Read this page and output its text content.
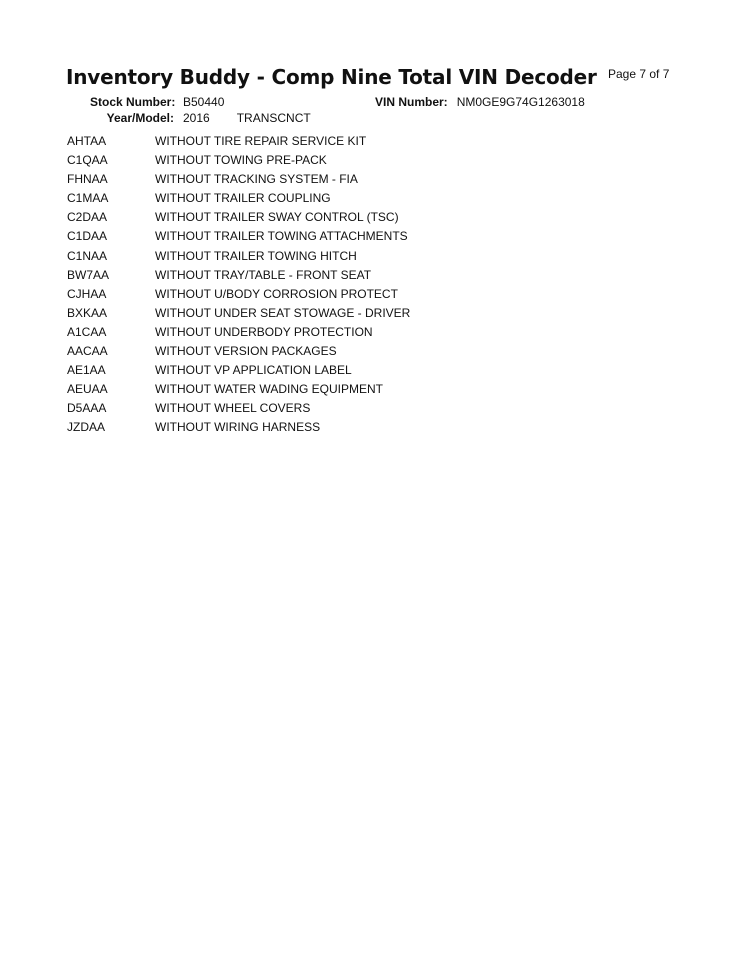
Inventory Buddy - Comp Nine Total VIN Decoder Page 7 of 7
Stock Number: B50440	VIN Number: NM0GE9G74G1263018
Year/Model: 2016 TRANSCNCT
AHTAA	WITHOUT TIRE REPAIR SERVICE KIT
C1QAA	WITHOUT TOWING PRE-PACK
FHNAA	WITHOUT TRACKING SYSTEM - FIA
C1MAA	WITHOUT TRAILER COUPLING
C2DAA	WITHOUT TRAILER SWAY CONTROL (TSC)
C1DAA	WITHOUT TRAILER TOWING ATTACHMENTS
C1NAA	WITHOUT TRAILER TOWING HITCH
BW7AA	WITHOUT TRAY/TABLE - FRONT SEAT
CJHAA	WITHOUT U/BODY CORROSION PROTECT
BXKAA	WITHOUT UNDER SEAT STOWAGE - DRIVER
A1CAA	WITHOUT UNDERBODY PROTECTION
AACAA	WITHOUT VERSION PACKAGES
AE1AA	WITHOUT VP APPLICATION LABEL
AEUAA	WITHOUT WATER WADING EQUIPMENT
D5AAA	WITHOUT WHEEL COVERS
JZDAA	WITHOUT WIRING HARNESS
